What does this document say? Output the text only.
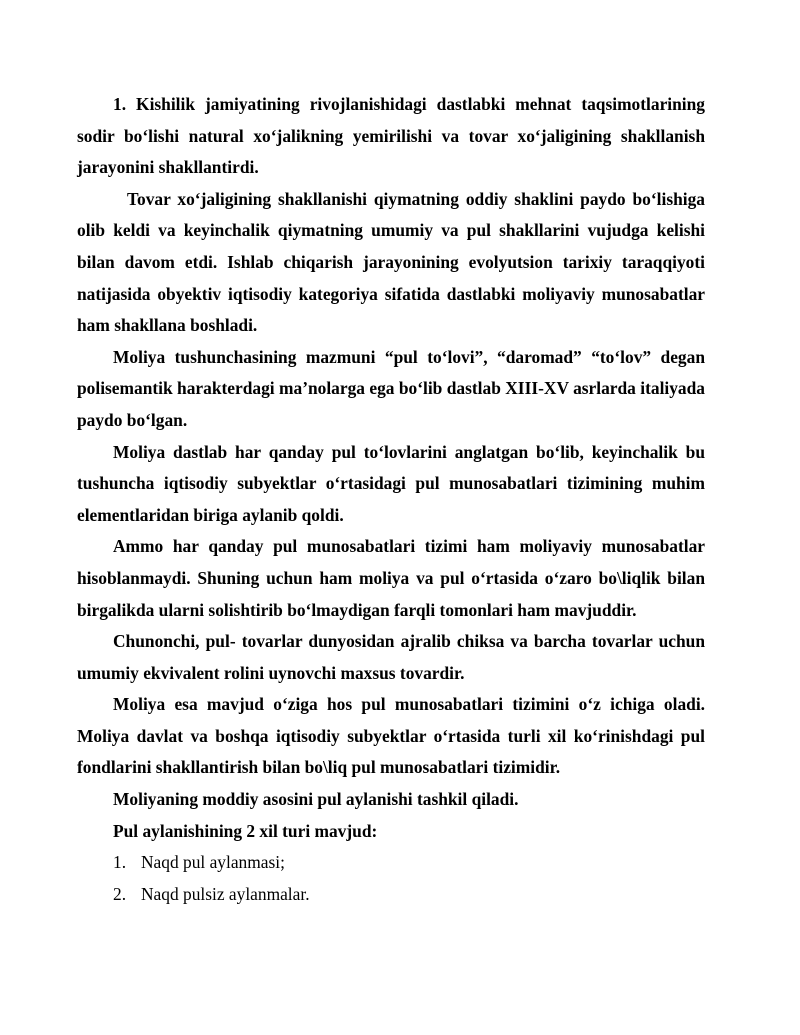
1. Kishilik jamiyatining rivojlanishidagi dastlabki mehnat taqsimotlarining sodir bo‘lishi natural xo‘jalikning yemirilishi va tovar xo‘jaligining shakllanish jarayonini shakllantirdi.

Tovar xo‘jaligining shakllanishi qiymatning oddiy shaklini paydo bo‘lishiga olib keldi va keyinchalik qiymatning umumiy va pul shakllarini vujudga kelishi bilan davom etdi. Ishlab chiqarish jarayonining evolyutsion tarixiy taraqqiyoti natijasida obyektiv iqtisodiy kategoriya sifatida dastlabki moliyaviy munosabatlar ham shakllana boshladi.

Moliya tushunchasining mazmuni “pul to‘lovi”, “daromad” “to‘lov” degan polisemantik harakterdagi ma’nolarga ega bo‘lib dastlab XIII-XV asrlarda italiyada paydo bo‘lgan.

Moliya dastlab har qanday pul to‘lovlarini anglatgan bo‘lib, keyinchalik bu tushuncha iqtisodiy subyektlar o‘rtasidagi pul munosabatlari tizimining muhim elementlaridan biriga aylanib qoldi.

Ammo har qanday pul munosabatlari tizimi ham moliyaviy munosabatlar hisoblanmaydi. Shuning uchun ham moliya va pul o‘rtasida o‘zaro bo\liqlik bilan birgalikda ularni solishtirib bo‘lmaydigan farqli tomonlari ham mavjuddir.

Chunonchi, pul- tovarlar dunyosidan ajralib chiksa va barcha tovarlar uchun umumiy ekvivalent rolini uynovchi maxsus tovardir.

Moliya esa mavjud o‘ziga hos pul munosabatlari tizimini o‘z ichiga oladi. Moliya davlat va boshqa iqtisodiy subyektlar o‘rtasida turli xil ko‘rinishdagi pul fondlarini shakllantirish bilan bo\liq pul munosabatlari tizimidir.

Moliyaning moddiy asosini pul aylanishi tashkil qiladi.

Pul aylanishining 2 xil turi mavjud:

1. Naqd pul aylanmasi;
2. Naqd pulsiz aylanmalar.
